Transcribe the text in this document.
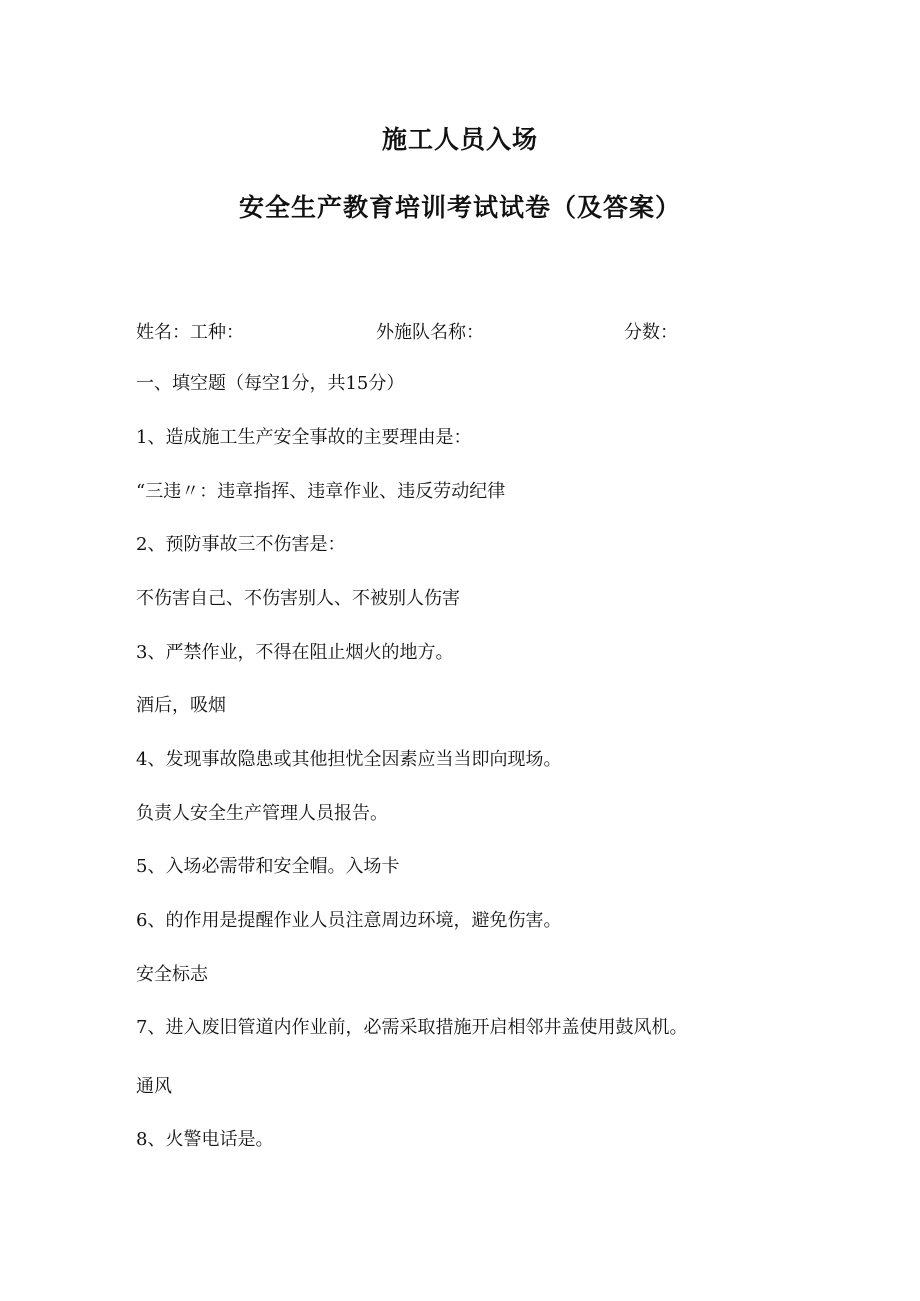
施工人员入场
安全生产教育培训考试试卷（及答案）
姓名：工种：	外施队名称：	分数：
一、填空题（每空1分，共15分）
1、造成施工生产安全事故的主要理由是：
“三违〃：违章指挥、违章作业、违反劳动纪律
2、预防事故三不伤害是：
不伤害自己、不伤害别人、不被别人伤害
3、严禁作业，不得在阻止烟火的地方。
酒后，吸烟
4、发现事故隐患或其他担忧全因素应当当即向现场。
负责人安全生产管理人员报告。
5、入场必需带和安全帽。入场卡
6、的作用是提醒作业人员注意周边环境，避免伤害。
安全标志
7、进入废旧管道内作业前，必需采取措施开启相邻井盖使用鼓风机。
通风
8、火警电话是。
